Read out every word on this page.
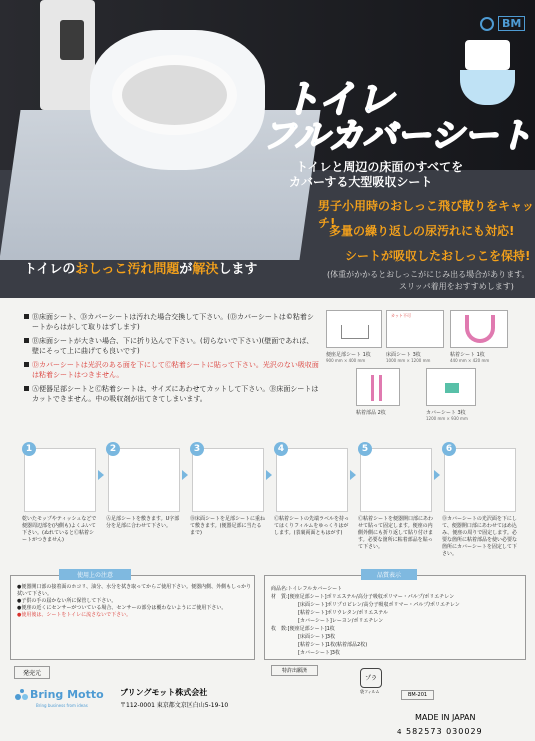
BM
トイレ
フルカバーシート
トイレと周辺の床面のすべてを
カバーする大型吸収シート
男子小用時のおしっこ飛び散りをキャッチ!
多量の繰り返しの尿汚れにも対応!
シートが吸収したおしっこを保持!
(体重がかかるとおしっこがにじみ出る場合があります。
スリッパ着用をおすすめします)
トイレのおしっこ汚れ問題が解決します
Ⓑ床面シート、Ⓓカバーシートは汚れた場合交換して下さい。(Ⓓカバーシートは©粘着シートからはがして取りはずします)
Ⓑ床面シートが大きい場合、下に折り込んで下さい。(切らないで下さい)(壁面であれば、壁にそって上に曲げても良いです)
Ⓓカバーシートは光沢のある面を下にしてⒸ粘着シートに貼って下さい。光沢のない吸収面は粘着シートはつきません。
Ⓐ便器足部シートとⒸ粘着シートは、サイズにあわせてカットして下さい。Ⓑ床面シートはカットできません。中の吸収剤が出てきてしまいます。
便座足部シート 1枚
900 mm × 400 mm
カット不可
床面シート 3枚
1000 mm × 1200 mm
粘着シート 1枚
440 mm × 420 mm
粘着部品 2枚	カバーシート 3枚
1200 mm × 930 mm
1
乾いたモップやティッシュなどで便器周辺部を(内側も)よくふいて下さい。(ぬれているとⒸ粘着シートがつきません)
2
Ⓐ足部シートを敷きます。U字部分を足部に合わせて下さい。
3
Ⓑ床面シートを足部シートに重ねて敷きます。(便器足部に当たるまで)
4
Ⓒ粘着シートの先端ラベルを持ってはくりフィルムをゆっくりはがします。(表裏両面ともはがす)
5
Ⓒ粘着シートを便器開口部にあわせて貼って固定します。便座の内側外側にも折り返して貼り付けます。必要な箇所に粘着部品を貼って下さい。
6
Ⓓカバーシートの光沢面を下にして、便器開口部にあわせてはめ込み、便座の周りで固定します。必要な箇所に粘着部品を使い必要な箇所にカバーシートを固定して下さい。
使用上の注意
●便器開口部の接着面のホコリ、油分、水分を拭き取ってからご使用下さい。便器内側、外側もしっかり拭いて下さい。
●子供の手の届かない所に保管して下さい。
●便座の近くにセンサーがついている場合、センサーの部分は覆わないようにご使用下さい。
●使用後は、シートをトイレに流さないで下さい。
品質表示
商品名:トイレフルカバーシート
材　質:[便座足部シート]ポリエステル/高分子吸収ポリマー・パルプ/ポリエチレン
[床面シート]ポリプロピレン/高分子吸収ポリマー・パルプ/ポリエチレン
[粘着シート]ポリウレタン/ポリエステル
[カバーシート]レーヨン/ポリエチレン
枚　数:[便座足部シート]1枚
[床面シート]3枚
[粘着シート]1枚(粘着部品2枚)
[カバーシート]3枚
発売元	特許出願済
プラ
袋フィルム
Bring Motto
Bring business from ideas
ブリングモット株式会社
〒112-0001 東京都文京区白山5-19-10
BM-201
MADE IN JAPAN
4 582573 030029
